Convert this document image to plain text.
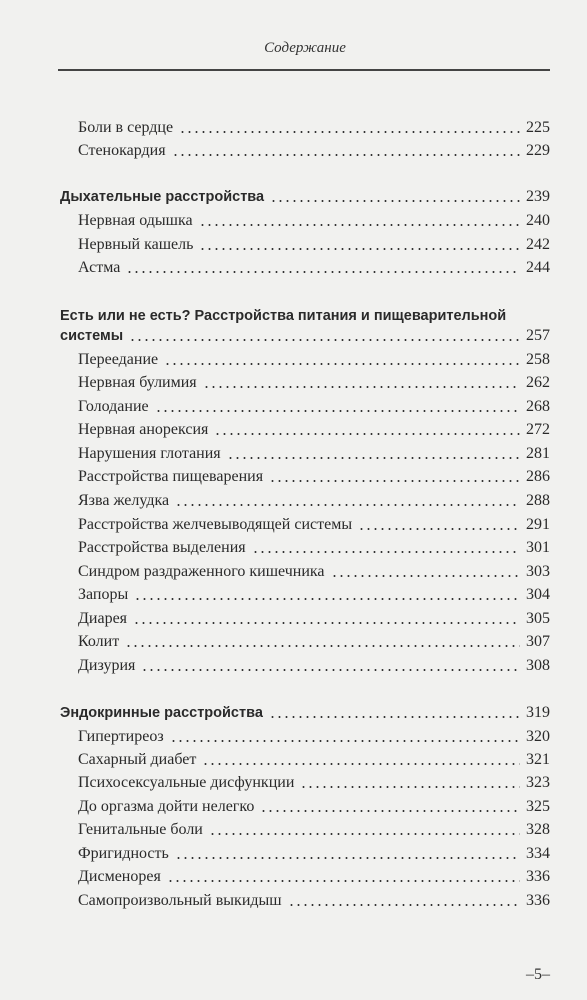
Содержание
Боли в сердце	225
Стенокардия	229
Дыхательные расстройства	239
Нервная одышка	240
Нервный кашель	242
Астма	244
Есть или не есть? Расстройства питания и пищеварительной
системы	257
Переедание	258
Нервная булимия	262
Голодание	268
Нервная анорексия	272
Нарушения глотания	281
Расстройства пищеварения	286
Язва желудка	288
Расстройства желчевыводящей системы	291
Расстройства выделения	301
Синдром раздраженного кишечника	303
Запоры	304
Диарея	305
Колит	307
Дизурия	308
Эндокринные расстройства	319
Гипертиреоз	320
Сахарный диабет	321
Психосексуальные дисфункции	323
До оргазма дойти нелегко	325
Генитальные боли	328
Фригидность	334
Дисменорея	336
Самопроизвольный выкидыш	336
–5–
